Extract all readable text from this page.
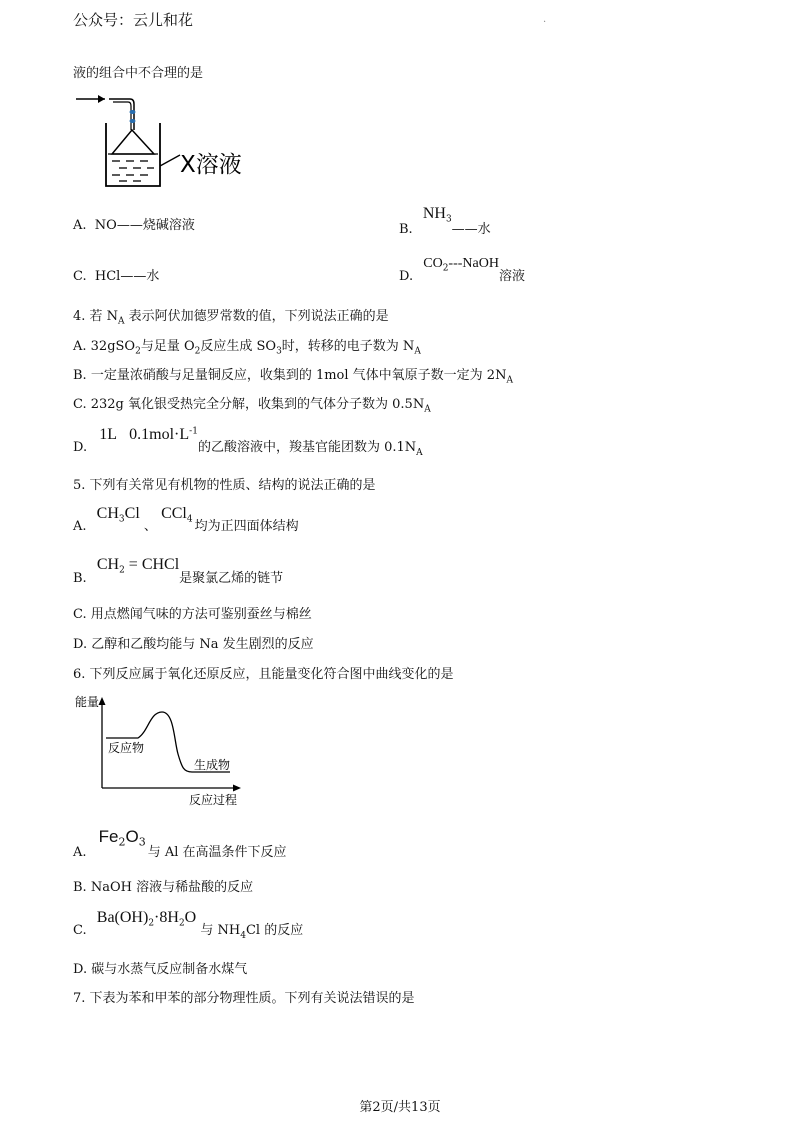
公众号：云儿和花	.
液的组合中不合理的是
X溶液
A. NO——烧碱溶液	B. $NH_3——$水
C. HCl——水	D. $CO_2--$-NaOH溶液
4. 若 $N_A$ 表示阿伏加德罗常数的值，下列说法正确的是
A. 32gSO$_2$与足量 $O_2$反应生成 $SO_3$时，转移的电子数为 $N_A$
B. 一定量浓硝酸与足量铜反应，收集到的 1mol 气体中氧原子数一定为 $2N_A$
C. 232g 氧化银受热完全分解，收集到的气体分子数为 $0.5N_A$
D. 1L $0.1mol\cdot L^{-1}$的乙酸溶液中，羧基官能团数为 $0.1N_A$
5. 下列有关常见有机物的性质、结构的说法正确的是
A. $CH_3Cl$ 、 CCl$_4$ 均为正四面体结构
B. $CH_2$ = CHCl是聚氯乙烯的链节
C. 用点燃闻气味的方法可鉴别蚕丝与棉丝
D. 乙醇和乙酸均能与 Na 发生剧烈的反应
6. 下列反应属于氧化还原反应，且能量变化符合图中曲线变化的是
能量
反应物
生成物
反应过程
A. $Fe_2O_3$与 Al 在高温条件下反应
B. NaOH 溶液与稀盐酸的反应
C. $Ba(OH)_2\cdot 8H_2O$ 与 $NH_4Cl$ 的反应
D. 碳与水蒸气反应制备水煤气
7. 下表为苯和甲苯的部分物理性质。下列有关说法错误的是
第2页/共13页
